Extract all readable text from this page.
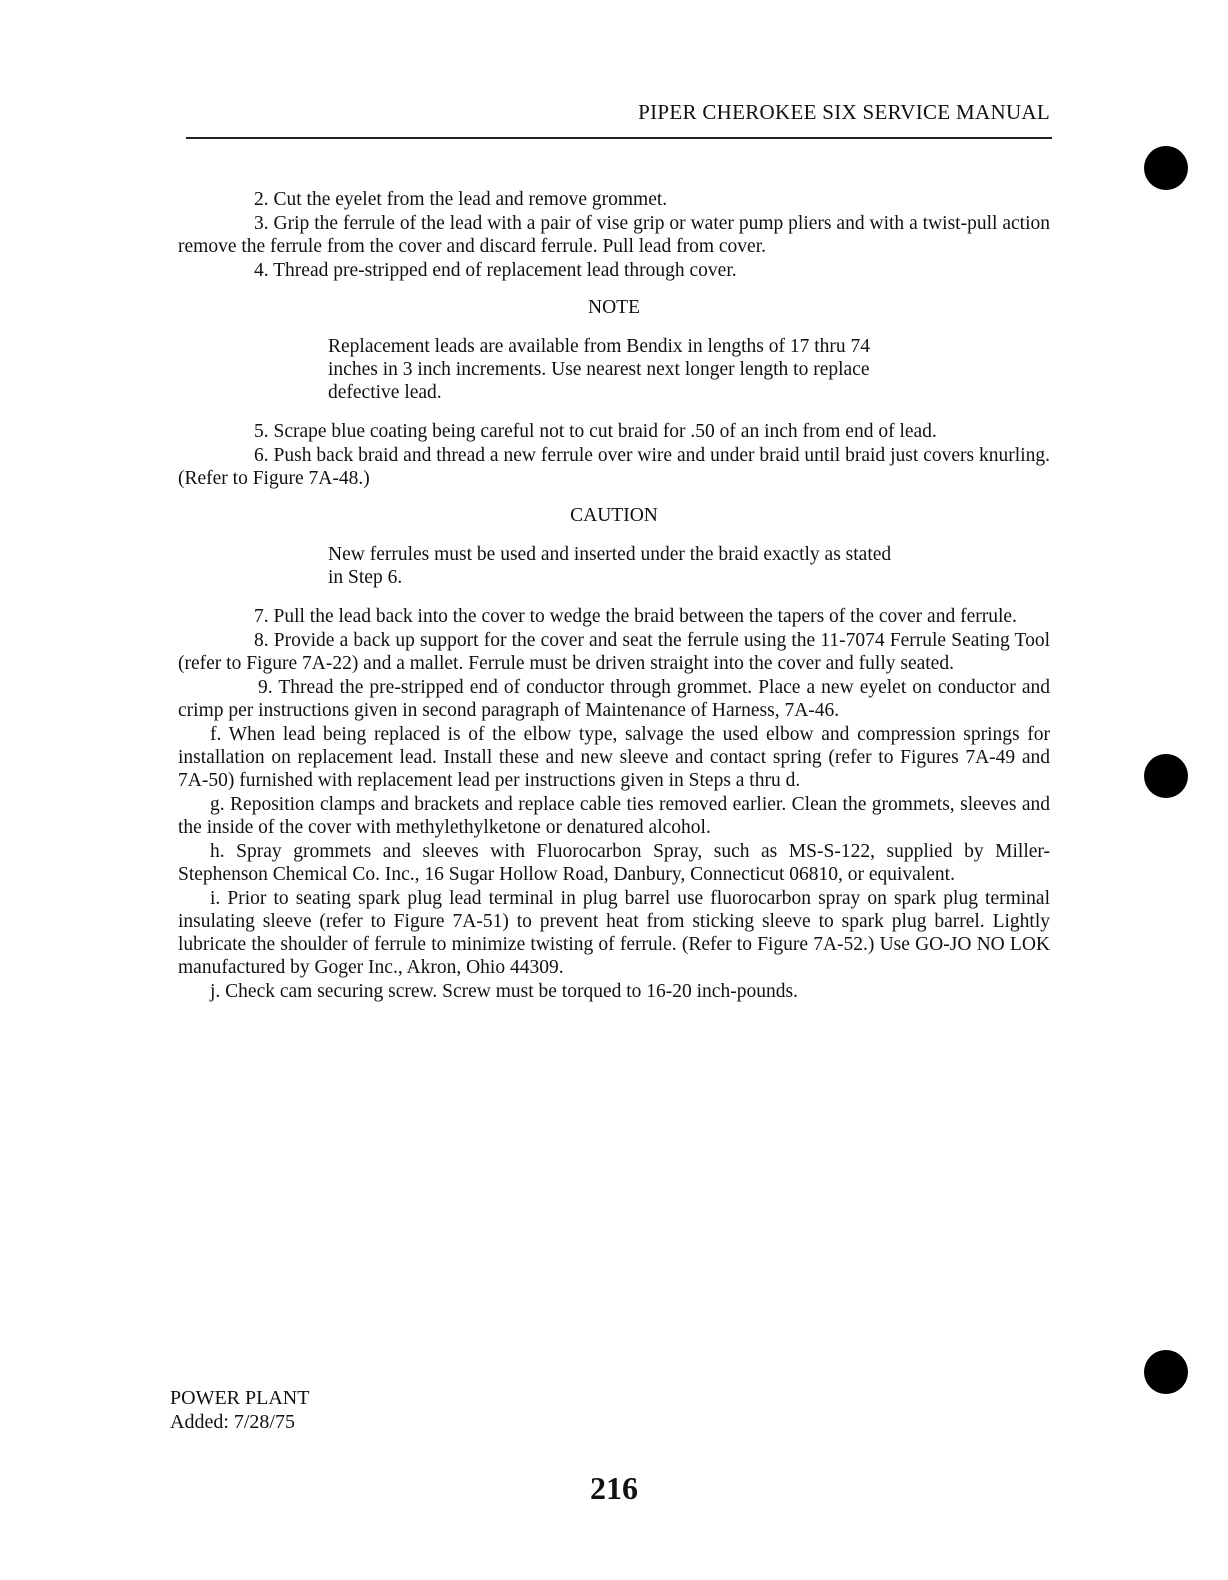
PIPER CHEROKEE SIX SERVICE MANUAL

2. Cut the eyelet from the lead and remove grommet.

3. Grip the ferrule of the lead with a pair of vise grip or water pump pliers and with a twist-pull action remove the ferrule from the cover and discard ferrule. Pull lead from cover.

4. Thread pre-stripped end of replacement lead through cover.

NOTE

Replacement leads are available from Bendix in lengths of 17 thru 74 inches in 3 inch increments. Use nearest next longer length to replace defective lead.

5. Scrape blue coating being careful not to cut braid for .50 of an inch from end of lead.

6. Push back braid and thread a new ferrule over wire and under braid until braid just covers knurling. (Refer to Figure 7A-48.)

CAUTION

New ferrules must be used and inserted under the braid exactly as stated in Step 6.

7. Pull the lead back into the cover to wedge the braid between the tapers of the cover and ferrule.

8. Provide a back up support for the cover and seat the ferrule using the 11-7074 Ferrule Seating Tool (refer to Figure 7A-22) and a mallet. Ferrule must be driven straight into the cover and fully seated.

9. Thread the pre-stripped end of conductor through grommet. Place a new eyelet on conductor and crimp per instructions given in second paragraph of Maintenance of Harness, 7A-46.

f. When lead being replaced is of the elbow type, salvage the used elbow and compression springs for installation on replacement lead. Install these and new sleeve and contact spring (refer to Figures 7A-49 and 7A-50) furnished with replacement lead per instructions given in Steps a thru d.

g. Reposition clamps and brackets and replace cable ties removed earlier. Clean the grommets, sleeves and the inside of the cover with methylethylketone or denatured alcohol.

h. Spray grommets and sleeves with Fluorocarbon Spray, such as MS-S-122, supplied by Miller-Stephenson Chemical Co. Inc., 16 Sugar Hollow Road, Danbury, Connecticut 06810, or equivalent.

i. Prior to seating spark plug lead terminal in plug barrel use fluorocarbon spray on spark plug terminal insulating sleeve (refer to Figure 7A-51) to prevent heat from sticking sleeve to spark plug barrel. Lightly lubricate the shoulder of ferrule to minimize twisting of ferrule. (Refer to Figure 7A-52.) Use GO-JO NO LOK manufactured by Goger Inc., Akron, Ohio 44309.

j. Check cam securing screw. Screw must be torqued to 16-20 inch-pounds.

POWER PLANT
Added: 7/28/75
216
